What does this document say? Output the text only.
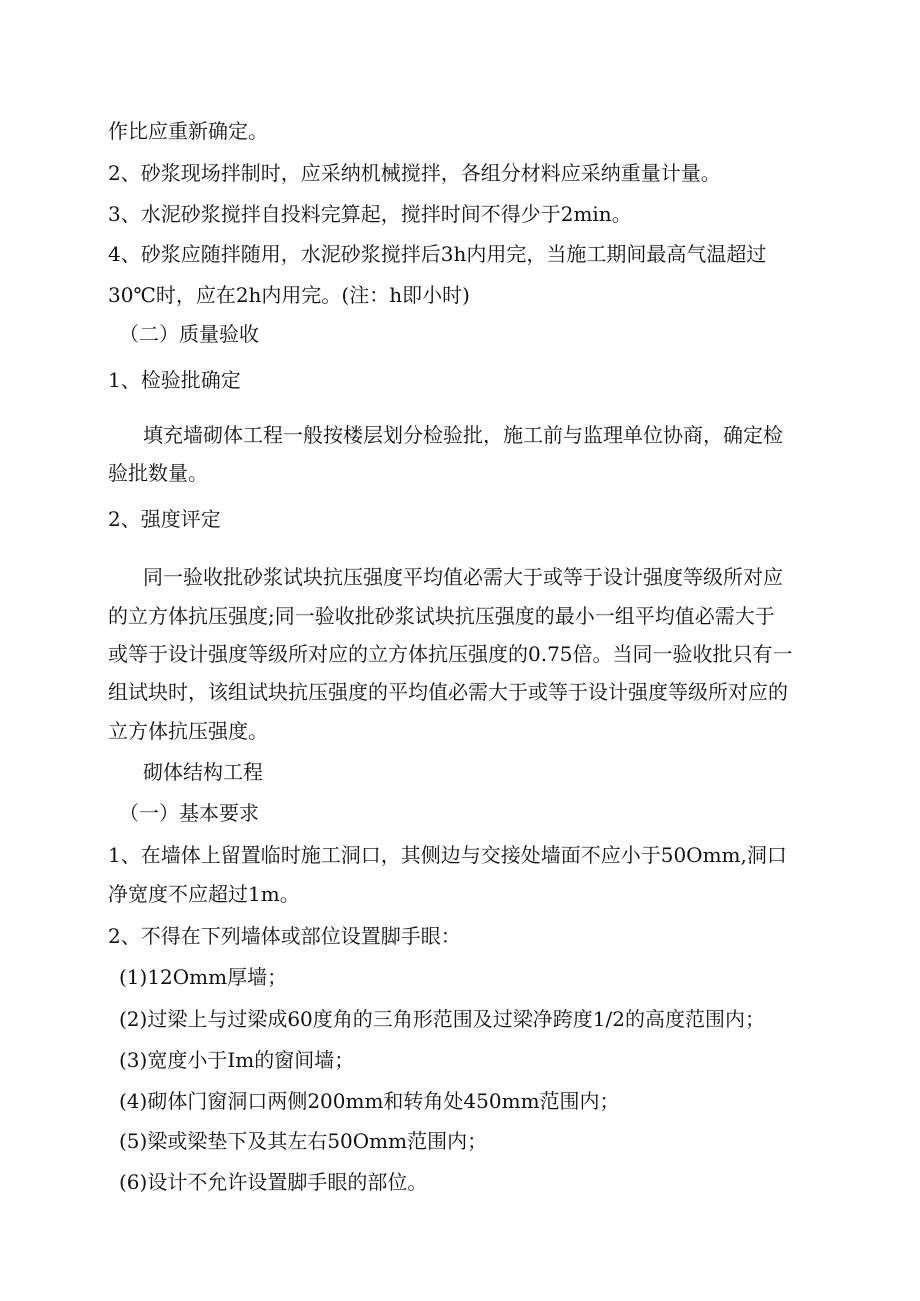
作比应重新确定。
2、砂浆现场拌制时，应采纳机械搅拌，各组分材料应采纳重量计量。
3、水泥砂浆搅拌自投料完算起，搅拌时间不得少于2min。
4、砂浆应随拌随用，水泥砂浆搅拌后3h内用完，当施工期间最高气温超过
30℃时，应在2h内用完。(注：h即小时)
（二）质量验收
1、检验批确定
填充墙砌体工程一般按楼层划分检验批，施工前与监理单位协商，确定检
验批数量。
2、强度评定
同一验收批砂浆试块抗压强度平均值必需大于或等于设计强度等级所对应
的立方体抗压强度;同一验收批砂浆试块抗压强度的最小一组平均值必需大于
或等于设计强度等级所对应的立方体抗压强度的0.75倍。当同一验收批只有一
组试块时，该组试块抗压强度的平均值必需大于或等于设计强度等级所对应的
立方体抗压强度。
砌体结构工程
（一）基本要求
1、在墙体上留置临时施工洞口，其侧边与交接处墙面不应小于50Omm,洞口
净宽度不应超过1m。
2、不得在下列墙体或部位设置脚手眼：
(1)12Omm厚墙；
(2)过梁上与过梁成60度角的三角形范围及过梁净跨度1/2的高度范围内；
(3)宽度小于Im的窗间墙；
(4)砌体门窗洞口两侧200mm和转角处450mm范围内；
(5)梁或梁垫下及其左右50Omm范围内；
(6)设计不允许设置脚手眼的部位。
